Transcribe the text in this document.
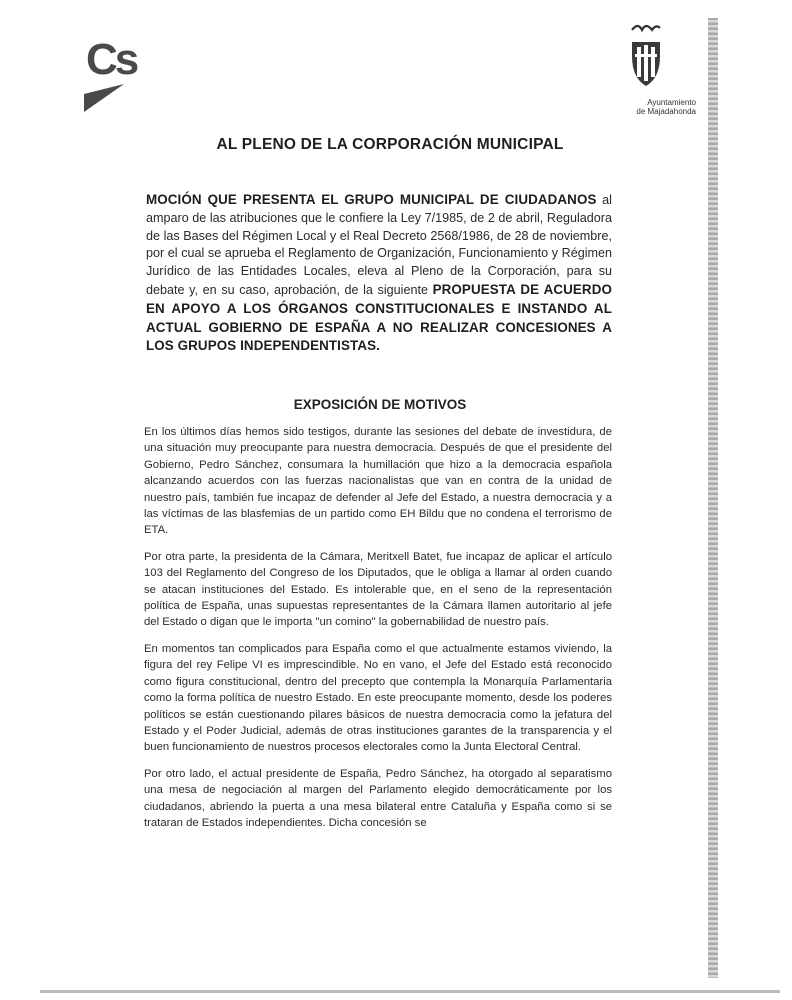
Cs
Ayuntamiento
de Majadahonda
AL PLENO DE LA CORPORACIÓN MUNICIPAL

MOCIÓN QUE PRESENTA EL GRUPO MUNICIPAL DE CIUDADANOS al amparo de las atribuciones que le confiere la Ley 7/1985, de 2 de abril, Reguladora de las Bases del Régimen Local y el Real Decreto 2568/1986, de 28 de noviembre, por el cual se aprueba el Reglamento de Organización, Funcionamiento y Régimen Jurídico de las Entidades Locales, eleva al Pleno de la Corporación, para su debate y, en su caso, aprobación, de la siguiente PROPUESTA DE ACUERDO EN APOYO A LOS ÓRGANOS CONSTITUCIONALES E INSTANDO AL ACTUAL GOBIERNO DE ESPAÑA A NO REALIZAR CONCESIONES A LOS GRUPOS INDEPENDENTISTAS.

EXPOSICIÓN DE MOTIVOS

En los últimos días hemos sido testigos, durante las sesiones del debate de investidura, de una situación muy preocupante para nuestra democracia. Después de que el presidente del Gobierno, Pedro Sánchez, consumara la humillación que hizo a la democracia española alcanzando acuerdos con las fuerzas nacionalistas que van en contra de la unidad de nuestro país, también fue incapaz de defender al Jefe del Estado, a nuestra democracia y a las víctimas de las blasfemias de un partido como EH Bildu que no condena el terrorismo de ETA.

Por otra parte, la presidenta de la Cámara, Meritxell Batet, fue incapaz de aplicar el artículo 103 del Reglamento del Congreso de los Diputados, que le obliga a llamar al orden cuando se atacan instituciones del Estado. Es intolerable que, en el seno de la representación política de España, unas supuestas representantes de la Cámara llamen autoritario al jefe del Estado o digan que le importa "un comino" la gobernabilidad de nuestro país.

En momentos tan complicados para España como el que actualmente estamos viviendo, la figura del rey Felipe VI es imprescindible. No en vano, el Jefe del Estado está reconocido como figura constitucional, dentro del precepto que contempla la Monarquía Parlamentaria como la forma política de nuestro Estado. En este preocupante momento, desde los poderes políticos se están cuestionando pilares básicos de nuestra democracia como la jefatura del Estado y el Poder Judicial, además de otras instituciones garantes de la transparencia y el buen funcionamiento de nuestros procesos electorales como la Junta Electoral Central.

Por otro lado, el actual presidente de España, Pedro Sánchez, ha otorgado al separatismo una mesa de negociación al margen del Parlamento elegido democráticamente por los ciudadanos, abriendo la puerta a una mesa bilateral entre Cataluña y España como si se trataran de Estados independientes. Dicha concesión se
